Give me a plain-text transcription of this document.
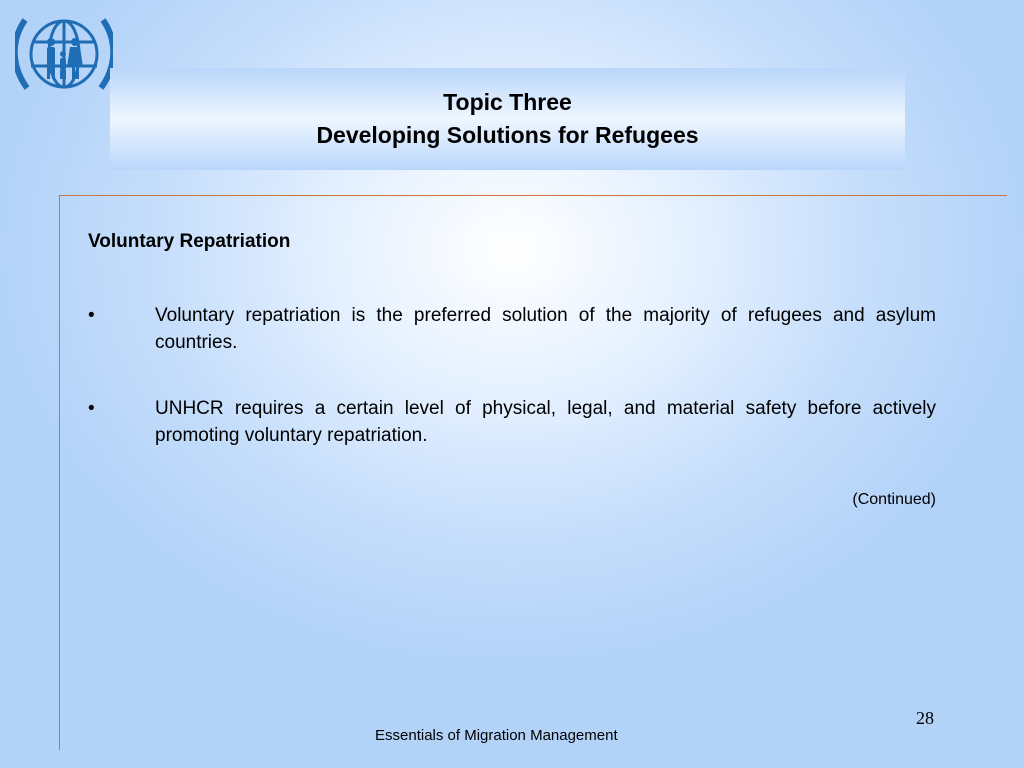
Topic Three
Developing Solutions for Refugees
Voluntary Repatriation
•	Voluntary repatriation is the preferred solution of the majority of refugees and asylum countries.
•	UNHCR requires a certain level of physical, legal, and material safety before actively promoting voluntary repatriation.
(Continued)
28
Essentials of Migration Management
